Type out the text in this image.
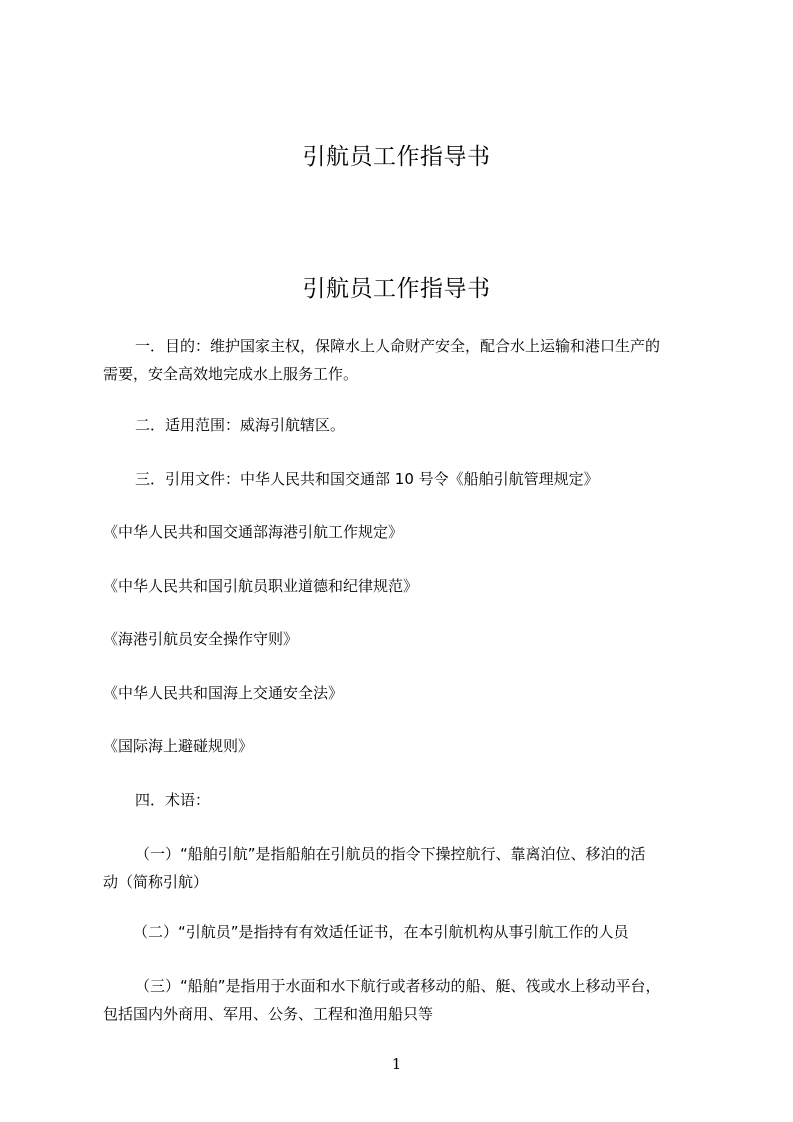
引航员工作指导书
引航员工作指导书
一．目的：维护国家主权，保障水上人命财产安全，配合水上运输和港口生产的
需要，安全高效地完成水上服务工作。
二．适用范围：威海引航辖区。
三．引用文件：中华人民共和国交通部 10 号令《船舶引航管理规定》
《中华人民共和国交通部海港引航工作规定》
《中华人民共和国引航员职业道德和纪律规范》
《海港引航员安全操作守则》
《中华人民共和国海上交通安全法》
《国际海上避碰规则》
四．术语：
（一）“船舶引航”是指船舶在引航员的指令下操控航行、靠离泊位、移泊的活
动（简称引航）
（二）“引航员”是指持有有效适任证书，在本引航机构从事引航工作的人员
（三）“船舶”是指用于水面和水下航行或者移动的船、艇、筏或水上移动平台，
包括国内外商用、军用、公务、工程和渔用船只等
1
